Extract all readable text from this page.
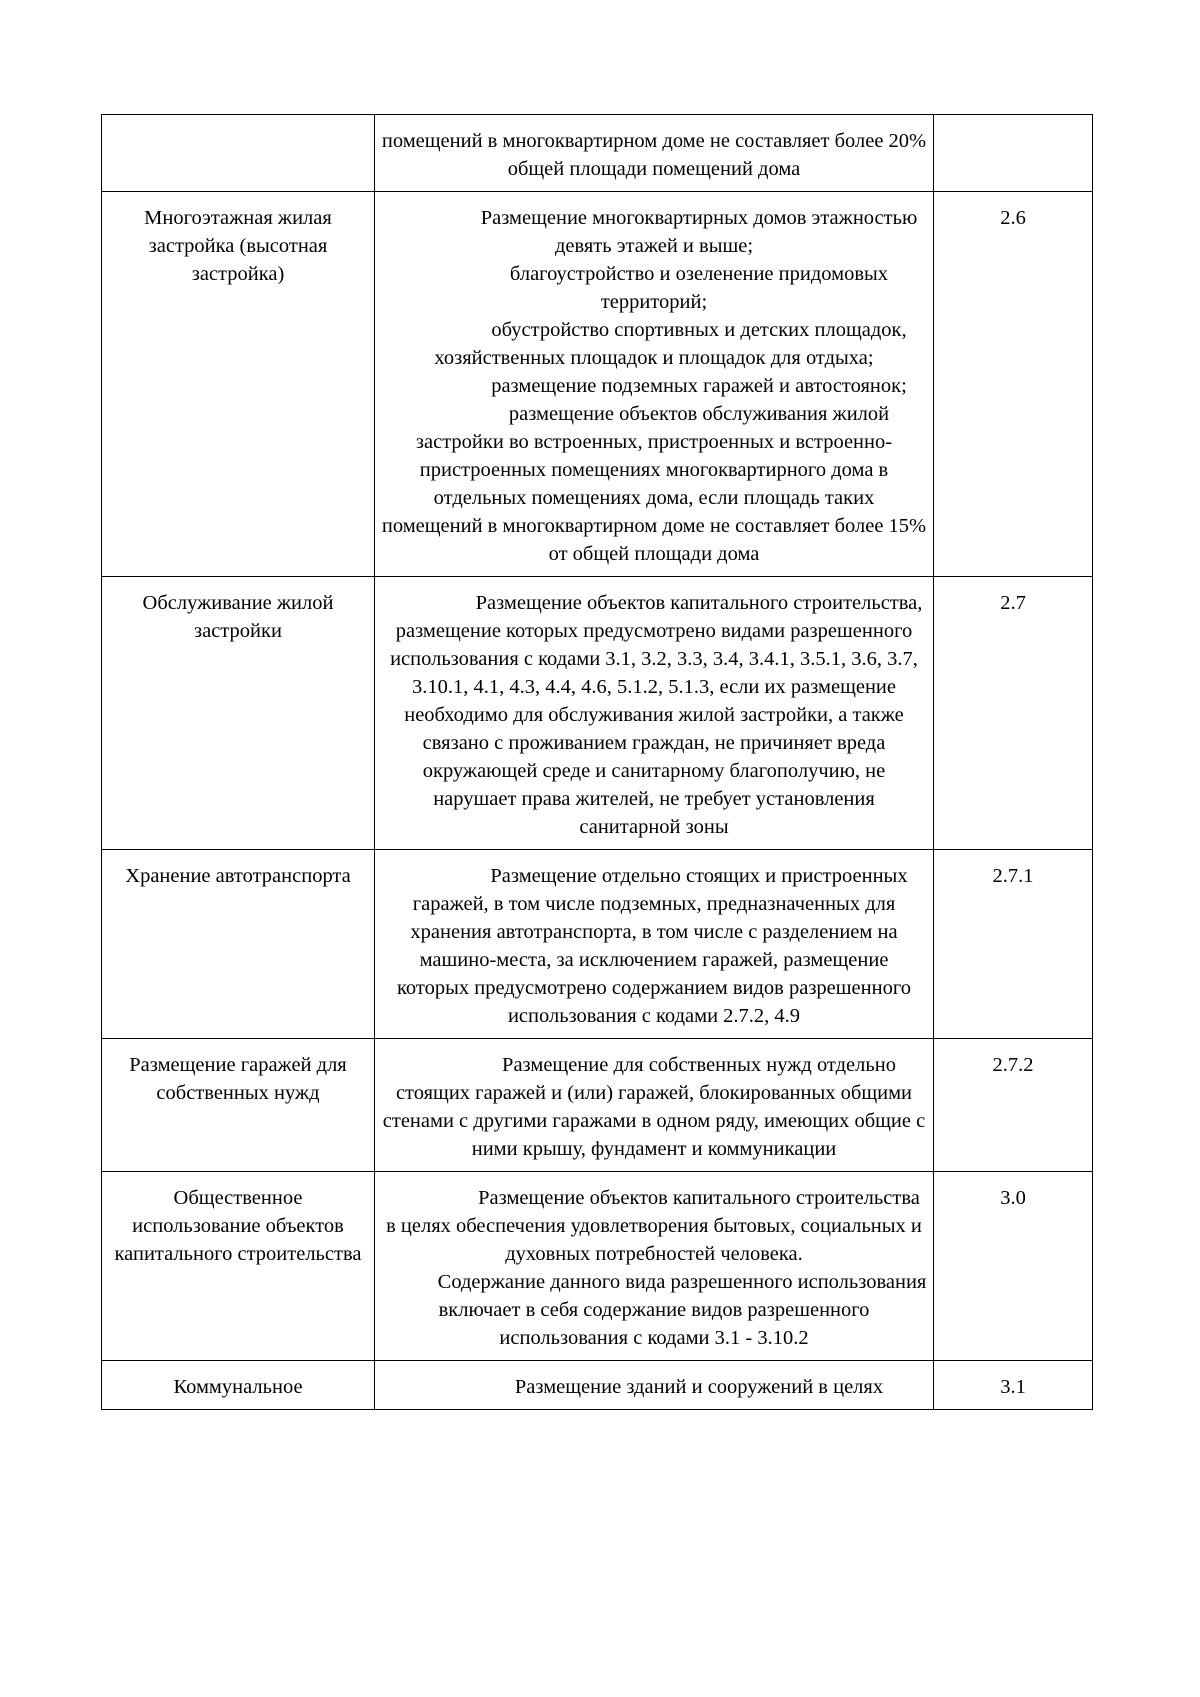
	помещений в многоквартирном доме не составляет более 20% общей площади помещений дома	

Многоэтажная жилая застройка (высотная застройка)	Размещение многоквартирных домов этажностью девять этажей и выше;

благоустройство и озеленение придомовых территорий;

обустройство спортивных и детских площадок, хозяйственных площадок и площадок для отдыха;

размещение подземных гаражей и автостоянок;

размещение объектов обслуживания жилой застройки во встроенных, пристроенных и встроенно-пристроенных помещениях многоквартирного дома в отдельных помещениях дома, если площадь таких помещений в многоквартирном доме не составляет более 15% от общей площади дома	2.6
Обслуживание жилой застройки	Размещение объектов капитального строительства, размещение которых предусмотрено видами разрешенного использования с кодами 3.1, 3.2, 3.3, 3.4, 3.4.1, 3.5.1, 3.6, 3.7, 3.10.1, 4.1, 4.3, 4.4, 4.6, 5.1.2, 5.1.3, если их размещение необходимо для обслуживания жилой застройки, а также связано с проживанием граждан, не причиняет вреда окружающей среде и санитарному благополучию, не нарушает права жителей, не требует установления санитарной зоны	2.7
Хранение автотранспорта	Размещение отдельно стоящих и пристроенных гаражей, в том числе подземных, предназначенных для хранения автотранспорта, в том числе с разделением на машино-места, за исключением гаражей, размещение которых предусмотрено содержанием видов разрешенного использования с кодами 2.7.2, 4.9	2.7.1
Размещение гаражей для собственных нужд	Размещение для собственных нужд отдельно стоящих гаражей и (или) гаражей, блокированных общими стенами с другими гаражами в одном ряду, имеющих общие с ними крышу, фундамент и коммуникации	2.7.2
Общественное использование объектов капитального строительства	Размещение объектов капитального строительства в целях обеспечения удовлетворения бытовых, социальных и духовных потребностей человека.

Содержание данного вида разрешенного использования включает в себя содержание видов разрешенного использования с кодами 3.1 - 3.10.2	3.0
Коммунальное	Размещение зданий и сооружений в целях	3.1
